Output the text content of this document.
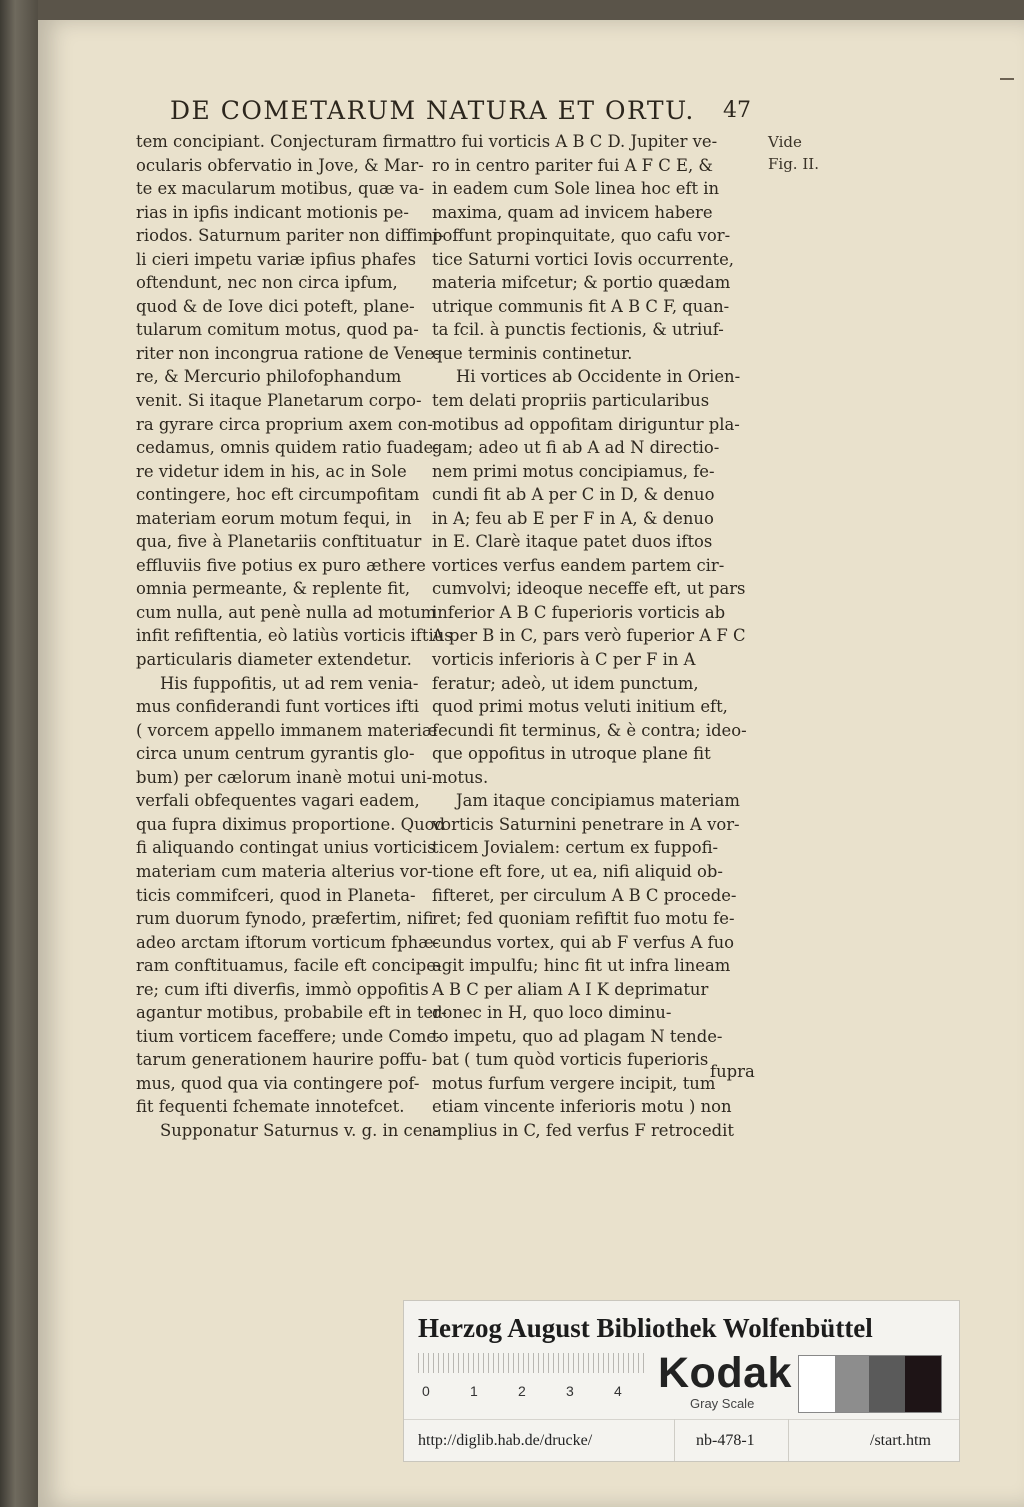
DE COMETARUM NATURA ET ORTU. 47

tem concipiant. Conjecturam firmat
ocularis obfervatio in Jove, & Mar-
te ex macularum motibus, quæ va-
rias in ipfis indicant motionis pe-
riodos. Saturnum pariter non diffimi-
li cieri impetu variæ ipfius phafes
oftendunt, nec non circa ipfum,
quod & de Iove dici poteft, plane-
tularum comitum motus, quod pa-
riter non incongrua ratione de Vene-
re, & Mercurio philofophandum
venit. Si itaque Planetarum corpo-
ra gyrare circa proprium axem con-
cedamus, omnis quidem ratio fuade-
re videtur idem in his, ac in Sole
contingere, hoc eft circumpofitam
materiam eorum motum fequi, in
qua, five à Planetariis conftituatur
effluviis five potius ex puro æthere
omnia permeante, & replente fit,
cum nulla, aut penè nulla ad motum
infit refiftentia, eò latiùs vorticis iftius
particularis diameter extendetur.

His fuppofitis, ut ad rem venia-
mus confiderandi funt vortices ifti
( vorcem appello immanem materiæ
circa unum centrum gyrantis glo-
bum) per cælorum inanè motui uni-
verfali obfequentes vagari eadem,
qua fupra diximus proportione. Quod
fi aliquando contingat unius vorticis
materiam cum materia alterius vor-
ticis commifceri, quod in Planeta-
rum duorum fynodo, præfertim, nifi
adeo arctam iftorum vorticum fphæ-
ram conftituamus, facile eft concipe-
re; cum ifti diverfis, immò oppofitis
agantur motibus, probabile eft in ter-
tium vorticem faceffere; unde Come-
tarum generationem haurire poffu-
mus, quod qua via contingere pof-
fit fequenti fchemate innotefcet.

Supponatur Saturnus v. g. in cen-

tro fui vorticis A B C D. Jupiter ve-
ro in centro pariter fui A F C E, &
in eadem cum Sole linea hoc eft in
maxima, quam ad invicem habere
poffunt propinquitate, quo cafu vor-
tice Saturni vortici Iovis occurrente,
materia mifcetur; & portio quædam
utrique communis fit A B C F, quan-
ta fcil. à punctis fectionis, & utriuf-
que terminis continetur.

Hi vortices ab Occidente in Orien-
tem delati propriis particularibus
motibus ad oppofitam diriguntur pla-
gam; adeo ut fi ab A ad N directio-
nem primi motus concipiamus, fe-
cundi fit ab A per C in D, & denuo
in A; feu ab E per F in A, & denuo
in E. Clarè itaque patet duos iftos
vortices verfus eandem partem cir-
cumvolvi; ideoque neceffe eft, ut pars
inferior A B C fuperioris vorticis ab
A per B in C, pars verò fuperior A F C
vorticis inferioris à C per F in A
feratur; adeò, ut idem punctum,
quod primi motus veluti initium eft,
fecundi fit terminus, & è contra; ideo-
que oppofitus in utroque plane fit
motus.

Jam itaque concipiamus materiam
vorticis Saturnini penetrare in A vor-
ticem Jovialem: certum ex fuppofi-
tione eft fore, ut ea, nifi aliquid ob-
fifteret, per circulum A B C procede-
ret; fed quoniam refiftit fuo motu fe-
cundus vortex, qui ab F verfus A fuo
agit impulfu; hinc fit ut infra lineam
A B C per aliam A I K deprimatur
donec in H, quo loco diminu-
to impetu, quo ad plagam N tende-
bat ( tum quòd vorticis fuperioris
motus furfum vergere incipit, tum
etiam vincente inferioris motu ) non
amplius in C, fed verfus F retrocedit

Vide
Fig. II.
fupra
Herzog August Bibliothek Wolfenbüttel
0	1	2	3	4 Kodak
Gray Scale
http://diglib.hab.de/drucke/	nb-478-1	/start.htm
